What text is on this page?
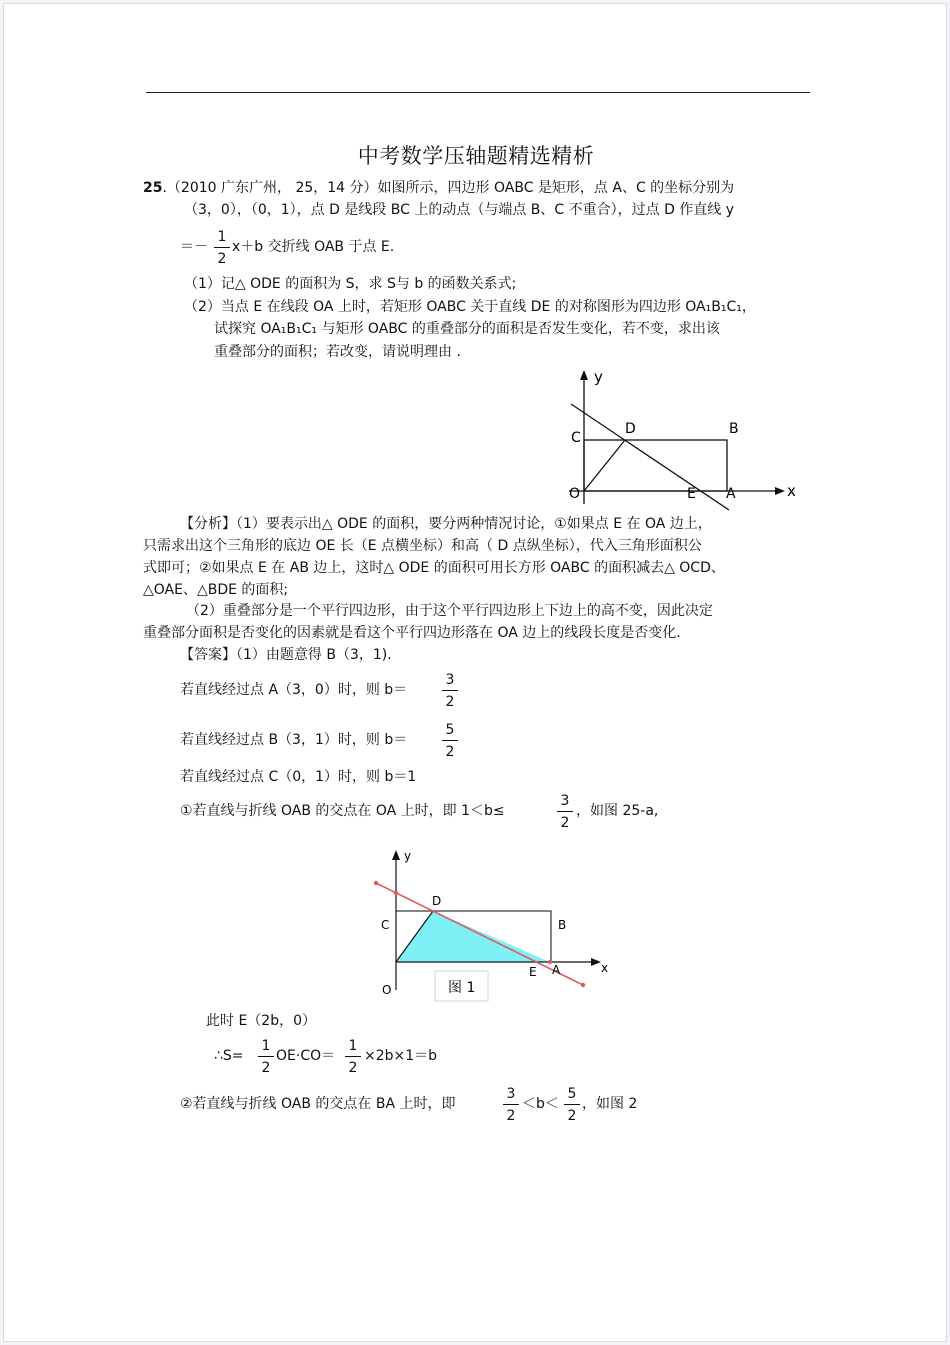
中考数学压轴题精选精析
25.（2010 广东广州， 25，14 分）如图所示，四边形 OABC 是矩形，点 A、C 的坐标分别为
（3，0），（0，1），点 D 是线段 BC 上的动点（与端点 B、C 不重合），过点 D 作直线 y
＝－
1
2
x＋b 交折线 OAB 于点 E.
（1）记△ ODE 的面积为 S，求 S与 b 的函数关系式;
（2）当点 E 在线段 OA 上时，若矩形 OABC 关于直线 DE 的对称图形为四边形 OA₁B₁C₁，
试探究 OA₁B₁C₁ 与矩形 OABC 的重叠部分的面积是否发生变化，若不变，求出该
重叠部分的面积；若改变，请说明理由 .
y
x
C
D	B
O	E A
【分析】（1）要表示出△ ODE 的面积，要分两种情况讨论，①如果点 E 在 OA 边上，
只需求出这个三角形的底边 OE 长（E 点横坐标）和高（ D 点纵坐标），代入三角形面积公
式即可；②如果点 E 在 AB 边上，这时△ ODE 的面积可用长方形 OABC 的面积减去△ OCD、
△OAE、△BDE 的面积;
（2）重叠部分是一个平行四边形，由于这个平行四边形上下边上的高不变，因此决定
重叠部分面积是否变化的因素就是看这个平行四边形落在 OA 边上的线段长度是否变化.
【答案】（1）由题意得 B（3，1).
若直线经过点 A（3，0）时，则 b＝
3
2
若直线经过点 B（3，1）时，则 b＝
5
2
若直线经过点 C（0，1）时，则 b＝1
①若直线与折线 OAB 的交点在 OA 上时，即 1＜b≤
3
2
，如图 25-a,
y
x
C
D
B
O
E A
图 1
此时 E（2b，0）
∴S=
1
2
OE·CO＝
1
2
×2b×1＝b
②若直线与折线 OAB 的交点在 BA 上时，即
3
2
＜b＜
5
2
，如图 2
